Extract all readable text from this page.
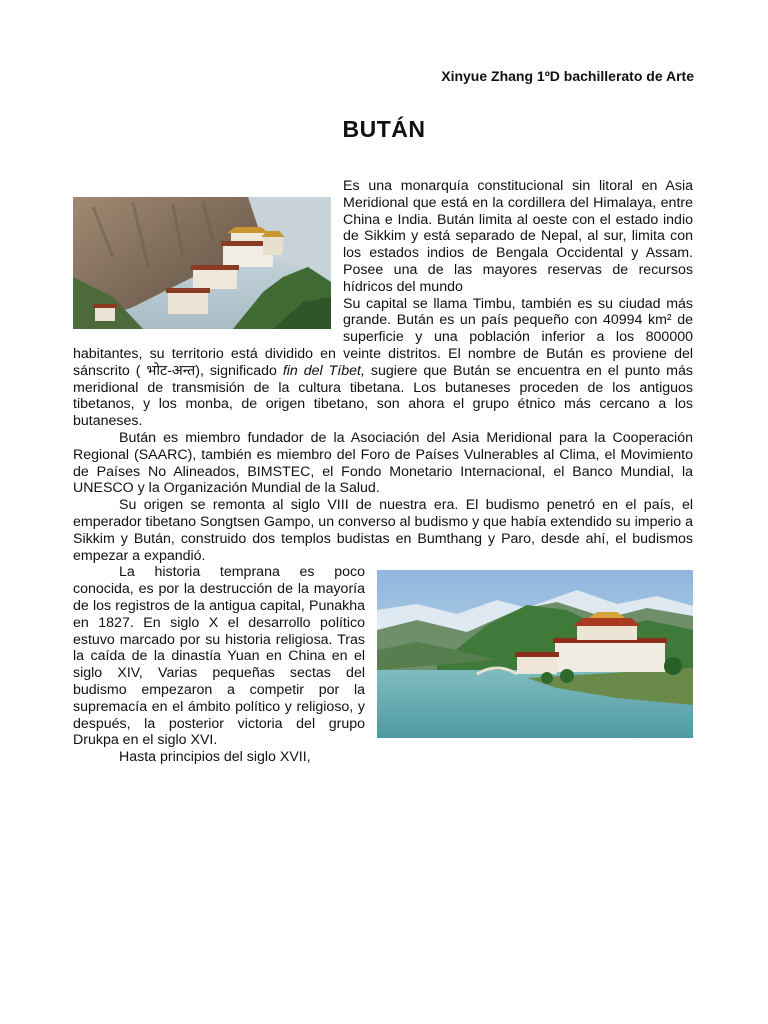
Xinyue Zhang 1ºD bachillerato de Arte
BUTÁN

Es una monarquía constitucional sin litoral en Asia Meridional que está en la cordillera del Himalaya, entre China e India. Bután limita al oeste con el estado indio de Sikkim y está separado de Nepal, al sur, limita con los estados indios de Bengala Occidental y Assam. Posee una de las mayores reservas de recursos hídricos del mundo

Su capital se llama Timbu, también es su ciudad más grande. Bután es un país pequeño con 40994 km² de superficie y una población inferior a los 800000 habitantes, su territorio está dividido en veinte distritos. El nombre de Bután es proviene del sánscrito ( भोट-अन्त), significado fin del Tíbet, sugiere que Bután se encuentra en el punto más meridional de transmisión de la cultura tibetana. Los butaneses proceden de los antiguos tibetanos, y los monba, de origen tibetano, son ahora el grupo étnico más cercano a los butaneses.

Bután es miembro fundador de la Asociación del Asia Meridional para la Cooperación Regional (SAARC), también es miembro del Foro de Países Vulnerables al Clima, el Movimiento de Países No Alineados, BIMSTEC, el Fondo Monetario Internacional, el Banco Mundial, la UNESCO y la Organización Mundial de la Salud.

Su origen se remonta al siglo VIII de nuestra era. El budismo penetró en el país, el emperador tibetano Songtsen Gampo, un converso al budismo y que había extendido su imperio a Sikkim y Bután, construido dos templos budistas en Bumthang y Paro, desde ahí, el budismos empezar a expandió.

La historia temprana es poco conocida, es por la destrucción de la mayoría de los registros de la antigua capital, Punakha en 1827. En siglo X el desarrollo político estuvo marcado por su historia religiosa. Tras la caída de la dinastía Yuan en China en el siglo XIV, Varias pequeñas sectas del budismo empezaron a competir por la supremacía en el ámbito político y religioso, y después, la posterior victoria del grupo Drukpa en el siglo XVI.

Hasta principios del siglo XVII,
